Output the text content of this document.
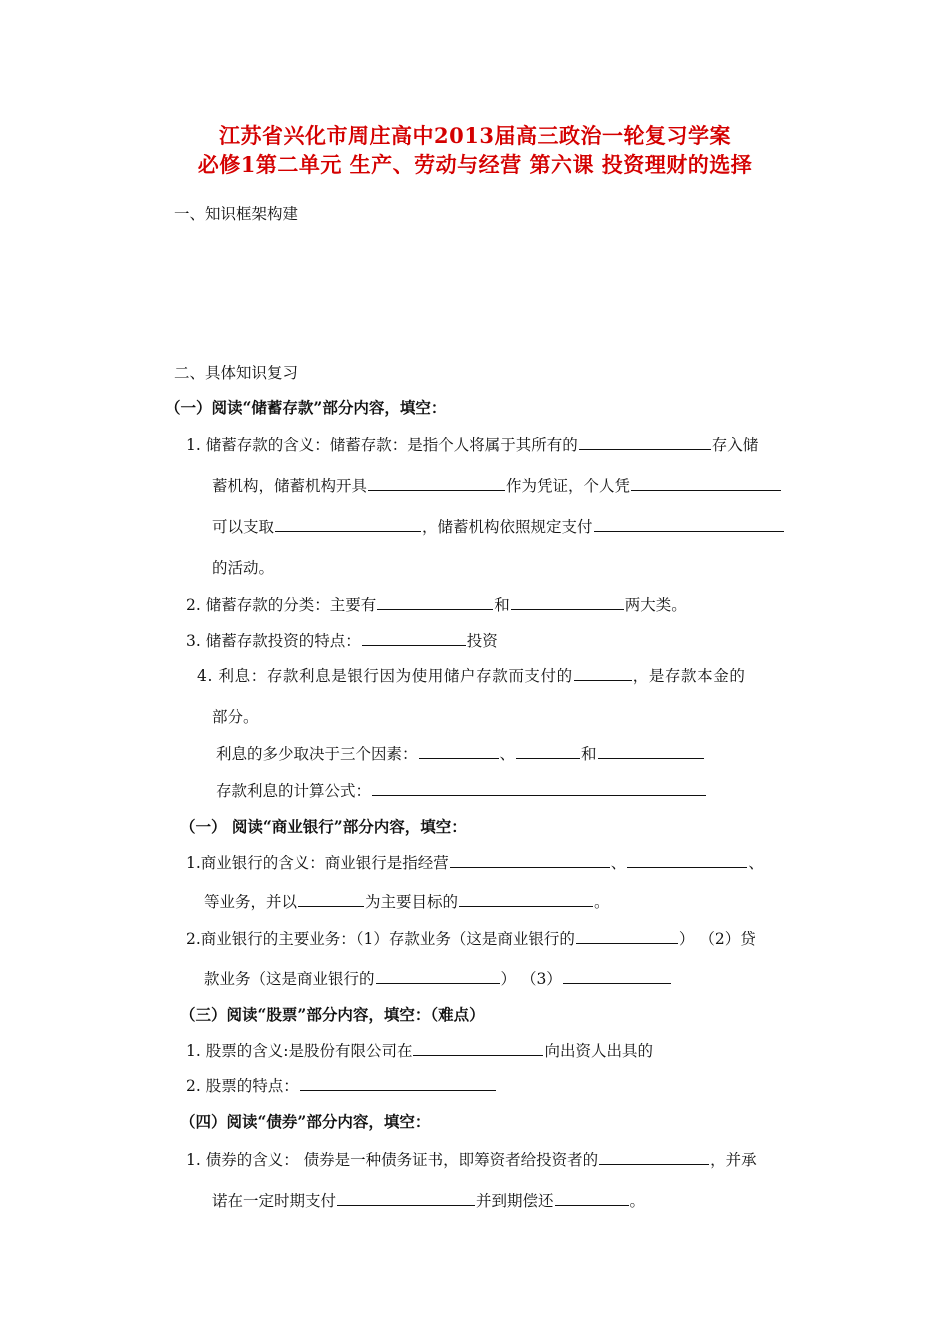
江苏省兴化市周庄高中2013届高三政治一轮复习学案
必修1第二单元 生产、劳动与经营 第六课 投资理财的选择
一、知识框架构建
二、具体知识复习
（一）阅读“储蓄存款”部分内容，填空：
1. 储蓄存款的含义：储蓄存款：是指个人将属于其所有的	存入储
蓄机构，储蓄机构开具	作为凭证，个人凭
可以支取	，储蓄机构依照规定支付
的活动。
2. 储蓄存款的分类：主要有	和	两大类。
3. 储蓄存款投资的特点：	投资
4. 利息：存款利息是银行因为使用储户存款而支付的	，是存款本金的
部分。
利息的多少取决于三个因素：	、	和
存款利息的计算公式：
（一） 阅读“商业银行”部分内容，填空：
1.商业银行的含义：商业银行是指经营	、	、
等业务，并以	为主要目标的	。
2.商业银行的主要业务：（1）存款业务（这是商业银行的	） （2）贷
款业务（这是商业银行的	） （3）
（三）阅读“股票”部分内容，填空：（难点）
1. 股票的含义:是股份有限公司在	向出资人出具的
2. 股票的特点：
（四）阅读“债券”部分内容，填空：
1. 债券的含义： 债券是一种债务证书，即筹资者给投资者的	，并承
诺在一定时期支付	并到期偿还	。
